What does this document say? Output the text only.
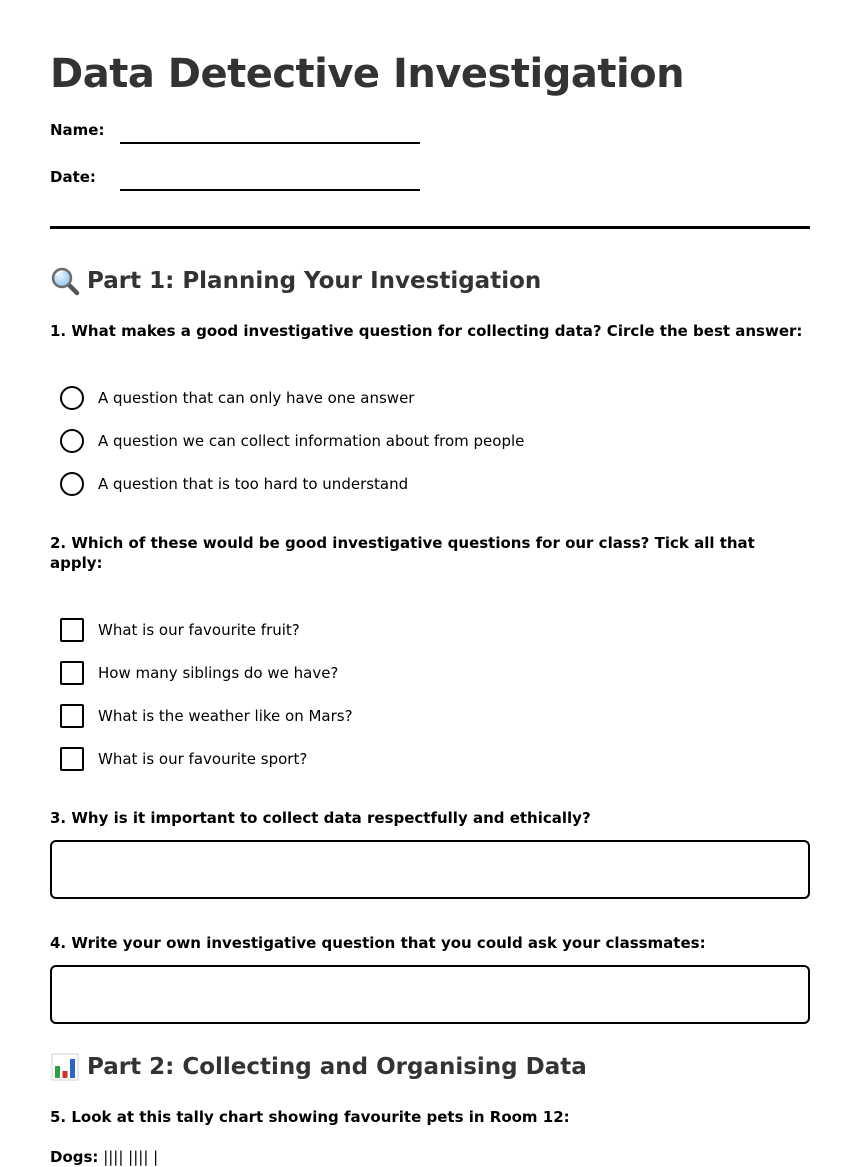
Data Detective Investigation
Name:
Date:
Part 1: Planning Your Investigation
1. What makes a good investigative question for collecting data? Circle the best answer:
A question that can only have one answer
A question we can collect information about from people
A question that is too hard to understand
2. Which of these would be good investigative questions for our class? Tick all that apply:
What is our favourite fruit?
How many siblings do we have?
What is the weather like on Mars?
What is our favourite sport?
3. Why is it important to collect data respectfully and ethically?
4. Write your own investigative question that you could ask your classmates:
Part 2: Collecting and Organising Data
5. Look at this tally chart showing favourite pets in Room 12:
Dogs: |||| |||| |
